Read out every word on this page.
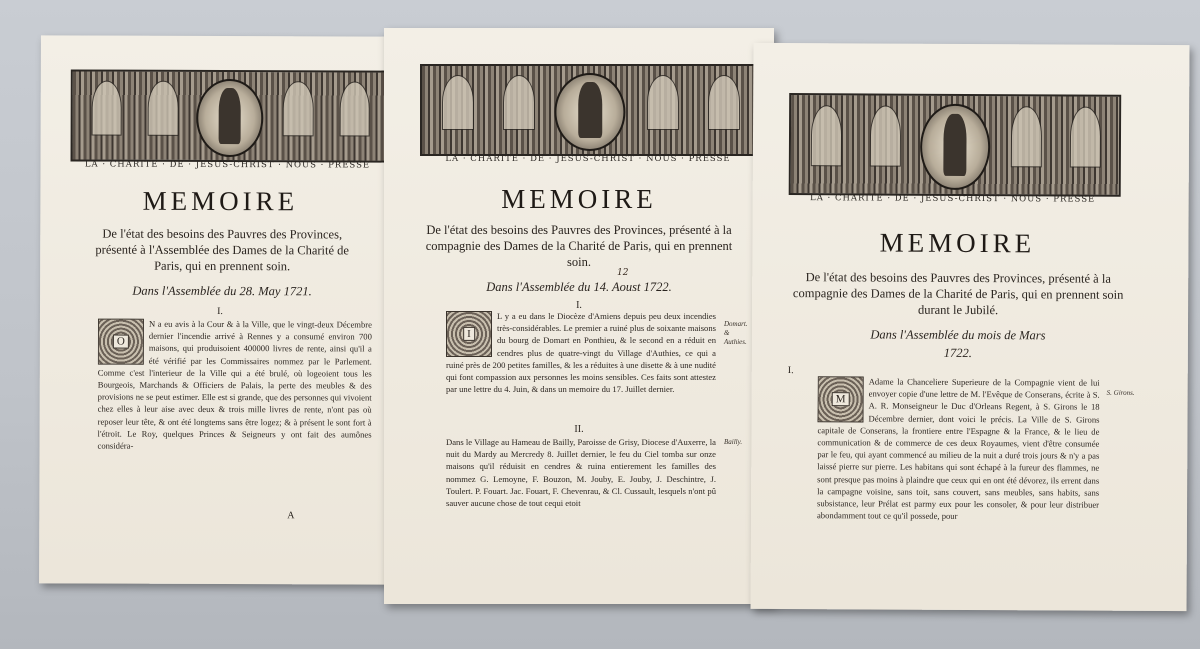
LA · CHARITE · DE · JESUS-CHRIST · NOUS · PRESSE
MEMOIRE
De l'état des besoins des Pauvres des Provinces, présenté à l'Assemblée des Dames de la Charité de Paris, qui en prennent soin.
Dans l'Assemblée du 28. May 1721.
I.
O
N a eu avis à la Cour & à la Ville, que le vingt-deux Décembre dernier l'incendie arrivé à Rennes y a consumé environ 700 maisons, qui produisoient 400000 livres de rente, ainsi qu'il a été vérifié par les Commissaires nommez par le Parlement. Comme c'est l'interieur de la Ville qui a été brulé, où logeoient tous les Bourgeois, Marchands & Officiers de Palais, la perte des meubles & des provisions ne se peut estimer. Elle est si grande, que des personnes qui vivoient chez elles à leur aise avec deux & trois mille livres de rente, n'ont pas où reposer leur tête, & ont été longtems sans être logez; & à présent le sont fort à l'étroit. Le Roy, quelques Princes & Seigneurs y ont fait des aumônes considéra-
A
LA · CHARITE · DE · JESUS-CHRIST · NOUS · PRESSE
MEMOIRE
De l'état des besoins des Pauvres des Provinces, présenté à la compagnie des Dames de la Charité de Paris, qui en prennent soin.
Dans l'Assemblée du 14. Aoust 1722.
12
I.
I
L y a eu dans le Diocèze d'Amiens depuis peu deux incendies très-considérables. Le premier a ruiné plus de soixante maisons du bourg de Domart en Ponthieu, & le second en a réduit en cendres plus de quatre-vingt du Village d'Authies, ce qui a ruiné près de 200 petites familles, & les a réduites à une disette & à une nudité qui font compassion aux personnes les moins sensibles. Ces faits sont attestez par une lettre du 4. Juin, & dans un memoire du 17. Juillet dernier.
Domart.
&
Authies.
II.
Dans le Village au Hameau de Bailly, Paroisse de Grisy, Diocese d'Auxerre, la nuit du Mardy au Mercredy 8. Juillet dernier, le feu du Ciel tomba sur onze maisons qu'il réduisit en cendres & ruina entierement les familles des nommez G. Lemoyne, F. Bouzon, M. Jouby, E. Jouby, J. Deschintre, J. Toulert. P. Fouart. Jac. Fouart, F. Chevenrau, & Cl. Cussault, lesquels n'ont pû sauver aucune chose de tout cequi etoit
Bailly.
LA · CHARITE · DE · JESUS-CHRIST · NOUS · PRESSE
MEMOIRE
De l'état des besoins des Pauvres des Provinces, présenté à la compagnie des Dames de la Charité de Paris, qui en prennent soin durant le Jubilé.
Dans l'Assemblée du mois de Mars
1722.
I.
M
Adame la Chanceliere Superieure de la Compagnie vient de lui envoyer copie d'une lettre de M. l'Evêque de Conserans, écrite à S. A. R. Monseigneur le Duc d'Orleans Regent, à S. Girons le 18 Décembre dernier, dont voici le précis. La Ville de S. Girons capitale de Conserans, la frontiere entre l'Espagne & la France, & le lieu de communication & de commerce de ces deux Royaumes, vient d'être consumée par le feu, qui ayant commencé au milieu de la nuit a duré trois jours & n'y a pas laissé pierre sur pierre. Les habitans qui sont échapé à la fureur des flammes, ne sont presque pas moins à plaindre que ceux qui en ont été dévorez, ils errent dans la campagne voisine, sans toit, sans couvert, sans meubles, sans habits, sans subsistance, leur Prélat est parmy eux pour les consoler, & pour leur distribuer abondamment tout ce qu'il possede, pour
S. Girons.
